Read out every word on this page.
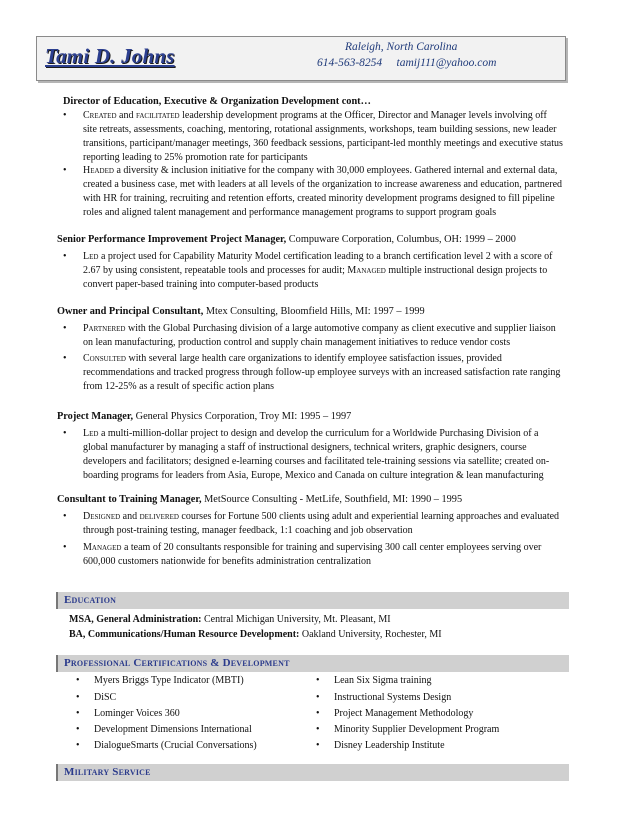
Tami D. Johns	Raleigh, North Carolina
614-563-8254 tamij111@yahoo.com
Director of Education, Executive & Organization Development cont…
• Created and facilitated leadership development programs at the Officer, Director and Manager levels involving off site retreats, assessments, coaching, mentoring, rotational assignments, workshops, team building sessions, new leader transitions, participant/manager meetings, 360 feedback sessions, participant-led monthly meetings and executive status reporting leading to 25% promotion rate for participants
• Headed a diversity & inclusion initiative for the company with 30,000 employees. Gathered internal and external data, created a business case, met with leaders at all levels of the organization to increase awareness and education, partnered with HR for training, recruiting and retention efforts, created minority development programs designed to fill pipeline roles and aligned talent management and performance management programs to support program goals
Senior Performance Improvement Project Manager, Compuware Corporation, Columbus, OH: 1999 – 2000
• Led a project used for Capability Maturity Model certification leading to a branch certification level 2 with a score of 2.67 by using consistent, repeatable tools and processes for audit; Managed multiple instructional design projects to convert paper-based training into computer-based products
Owner and Principal Consultant, Mtex Consulting, Bloomfield Hills, MI: 1997 – 1999
• Partnered with the Global Purchasing division of a large automotive company as client executive and supplier liaison on lean manufacturing, production control and supply chain management initiatives to reduce vendor costs
• Consulted with several large health care organizations to identify employee satisfaction issues, provided recommendations and tracked progress through follow-up employee surveys with an increased satisfaction rate ranging from 12-25% as a result of specific action plans
Project Manager, General Physics Corporation, Troy MI: 1995 – 1997
• Led a multi-million-dollar project to design and develop the curriculum for a Worldwide Purchasing Division of a global manufacturer by managing a staff of instructional designers, technical writers, graphic designers, course developers and facilitators; designed e-learning courses and facilitated tele-training sessions via satellite; created on-boarding programs for leaders from Asia, Europe, Mexico and Canada on culture integration & lean manufacturing
Consultant to Training Manager, MetSource Consulting - MetLife, Southfield, MI: 1990 – 1995
• Designed and delivered courses for Fortune 500 clients using adult and experiential learning approaches and evaluated through post-training testing, manager feedback, 1:1 coaching and job observation
• Managed a team of 20 consultants responsible for training and supervising 300 call center employees serving over 600,000 customers nationwide for benefits administration centralization
Education
MSA, General Administration: Central Michigan University, Mt. Pleasant, MI
BA, Communications/Human Resource Development: Oakland University, Rochester, MI
Professional Certifications & Development
• Myers Briggs Type Indicator (MBTI)
• DiSC
• Lominger Voices 360
• Development Dimensions International
• DialogueSmarts (Crucial Conversations)
• Lean Six Sigma training
• Instructional Systems Design
• Project Management Methodology
• Minority Supplier Development Program
• Disney Leadership Institute
Military Service
